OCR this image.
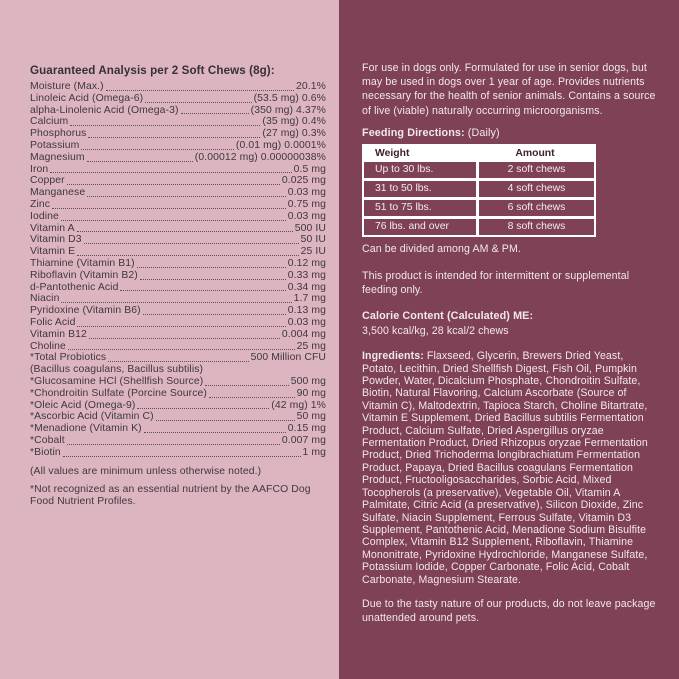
Guaranteed Analysis per 2 Soft Chews (8g):
Moisture (Max.)	20.1%
Linoleic Acid (Omega-6)	(53.5 mg) 0.6%
alpha-Linolenic Acid (Omega-3)	(350 mg) 4.37%
Calcium	(35 mg) 0.4%
Phosphorus	(27 mg) 0.3%
Potassium	(0.01 mg) 0.0001%
Magnesium	(0.00012 mg) 0.00000038%
Iron	0.5 mg
Copper	0.025 mg
Manganese	0.03 mg
Zinc	0.75 mg
Iodine	0.03 mg
Vitamin A	500 IU
Vitamin D3	50 IU
Vitamin E	25 IU
Thiamine (Vitamin B1)	0.12 mg
Riboflavin (Vitamin B2)	0.33 mg
d-Pantothenic Acid	0.34 mg
Niacin	1.7 mg
Pyridoxine (Vitamin B6)	0.13 mg
Folic Acid	0.03 mg
Vitamin B12	0.004 mg
Choline	25 mg
*Total Probiotics	500 Million CFU
(Bacillus coagulans, Bacillus subtilis)
*Glucosamine HCl (Shellfish Source)	500 mg
*Chondroitin Sulfate (Porcine Source)	90 mg
*Oleic Acid (Omega-9)	(42 mg) 1%
*Ascorbic Acid (Vitamin C)	50 mg
*Menadione (Vitamin K)	0.15 mg
*Cobalt	0.007 mg
*Biotin	1 mg
(All values are minimum unless otherwise noted.)
*Not recognized as an essential nutrient by the AAFCO Dog Food Nutrient Profiles.

For use in dogs only. Formulated for use in senior dogs, but may be used in dogs over 1 year of age. Provides nutrients necessary for the health of senior animals. Contains a source of live (viable) naturally occurring microorganisms.

Feeding Directions: (Daily)

Weight	Amount
Up to 30 lbs.	2 soft chews
31 to 50 lbs.	4 soft chews
51 to 75 lbs.	6 soft chews
76 lbs. and over	8 soft chews

Can be divided among AM & PM.

This product is intended for intermittent or supplemental feeding only.

Calorie Content (Calculated) ME:

3,500 kcal/kg, 28 kcal/2 chews

Ingredients: Flaxseed, Glycerin, Brewers Dried Yeast, Potato, Lecithin, Dried Shellfish Digest, Fish Oil, Pumpkin Powder, Water, Dicalcium Phosphate, Chondroitin Sulfate, Biotin, Natural Flavoring, Calcium Ascorbate (Source of Vitamin C), Maltodextrin, Tapioca Starch, Choline Bitartrate, Vitamin E Supplement, Dried Bacillus subtilis Fermentation Product, Calcium Sulfate, Dried Aspergillus oryzae Fermentation Product, Dried Rhizopus oryzae Fermentation Product, Dried Trichoderma longibrachiatum Fermentation Product, Papaya, Dried Bacillus coagulans Fermentation Product, Fructooligosaccharides, Sorbic Acid, Mixed Tocopherols (a preservative), Vegetable Oil, Vitamin A Palmitate, Citric Acid (a preservative), Silicon Dioxide, Zinc Sulfate, Niacin Supplement, Ferrous Sulfate, Vitamin D3 Supplement, Pantothenic Acid, Menadione Sodium Bisulfite Complex, Vitamin B12 Supplement, Riboflavin, Thiamine Mononitrate, Pyridoxine Hydrochloride, Manganese Sulfate, Potassium Iodide, Copper Carbonate, Folic Acid, Cobalt Carbonate, Magnesium Stearate.

Due to the tasty nature of our products, do not leave package unattended around pets.
